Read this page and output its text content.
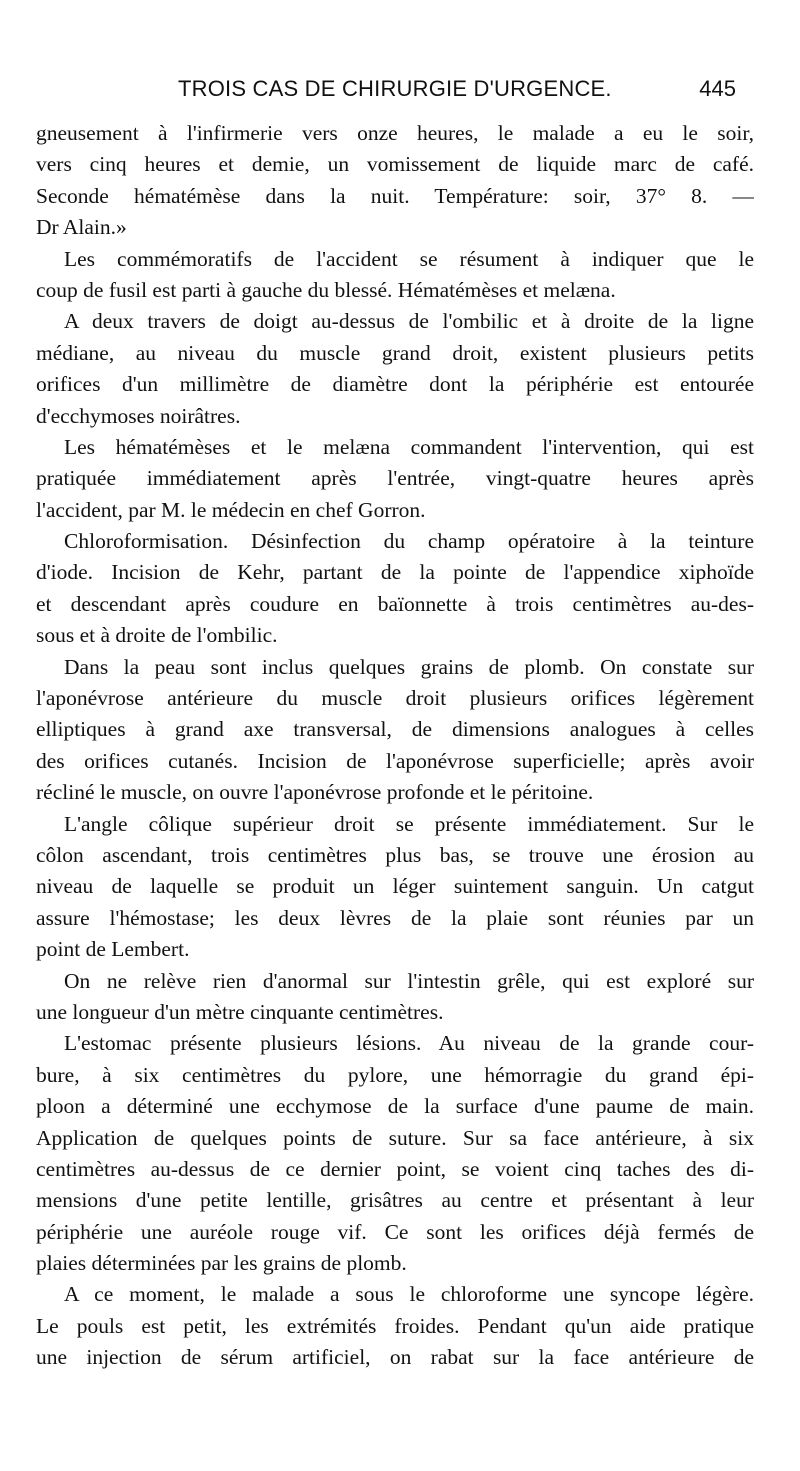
TROIS CAS DE CHIRURGIE D'URGENCE.	445
gneusement à l'infirmerie vers onze heures, le malade a eu le soir,
vers cinq heures et demie, un vomissement de liquide marc de café.
Seconde hématémèse dans la nuit. Température: soir, 37° 8. —
Dr Alain.»
Les commémoratifs de l'accident se résument à indiquer que le
coup de fusil est parti à gauche du blessé. Hématémèses et melæna.
A deux travers de doigt au-dessus de l'ombilic et à droite de la ligne
médiane, au niveau du muscle grand droit, existent plusieurs petits
orifices d'un millimètre de diamètre dont la périphérie est entourée
d'ecchymoses noirâtres.
Les hématémèses et le melæna commandent l'intervention, qui est
pratiquée immédiatement après l'entrée, vingt-quatre heures après
l'accident, par M. le médecin en chef Gorron.
Chloroformisation. Désinfection du champ opératoire à la teinture
d'iode. Incision de Kehr, partant de la pointe de l'appendice xiphoïde
et descendant après coudure en baïonnette à trois centimètres au-des-
sous et à droite de l'ombilic.
Dans la peau sont inclus quelques grains de plomb. On constate sur
l'aponévrose antérieure du muscle droit plusieurs orifices légèrement
elliptiques à grand axe transversal, de dimensions analogues à celles
des orifices cutanés. Incision de l'aponévrose superficielle; après avoir
récliné le muscle, on ouvre l'aponévrose profonde et le péritoine.
L'angle côlique supérieur droit se présente immédiatement. Sur le
côlon ascendant, trois centimètres plus bas, se trouve une érosion au
niveau de laquelle se produit un léger suintement sanguin. Un catgut
assure l'hémostase; les deux lèvres de la plaie sont réunies par un
point de Lembert.
On ne relève rien d'anormal sur l'intestin grêle, qui est exploré sur
une longueur d'un mètre cinquante centimètres.
L'estomac présente plusieurs lésions. Au niveau de la grande cour-
bure, à six centimètres du pylore, une hémorragie du grand épi-
ploon a déterminé une ecchymose de la surface d'une paume de main.
Application de quelques points de suture. Sur sa face antérieure, à six
centimètres au-dessus de ce dernier point, se voient cinq taches des di-
mensions d'une petite lentille, grisâtres au centre et présentant à leur
périphérie une auréole rouge vif. Ce sont les orifices déjà fermés de
plaies déterminées par les grains de plomb.
A ce moment, le malade a sous le chloroforme une syncope légère.
Le pouls est petit, les extrémités froides. Pendant qu'un aide pratique
une injection de sérum artificiel, on rabat sur la face antérieure de
